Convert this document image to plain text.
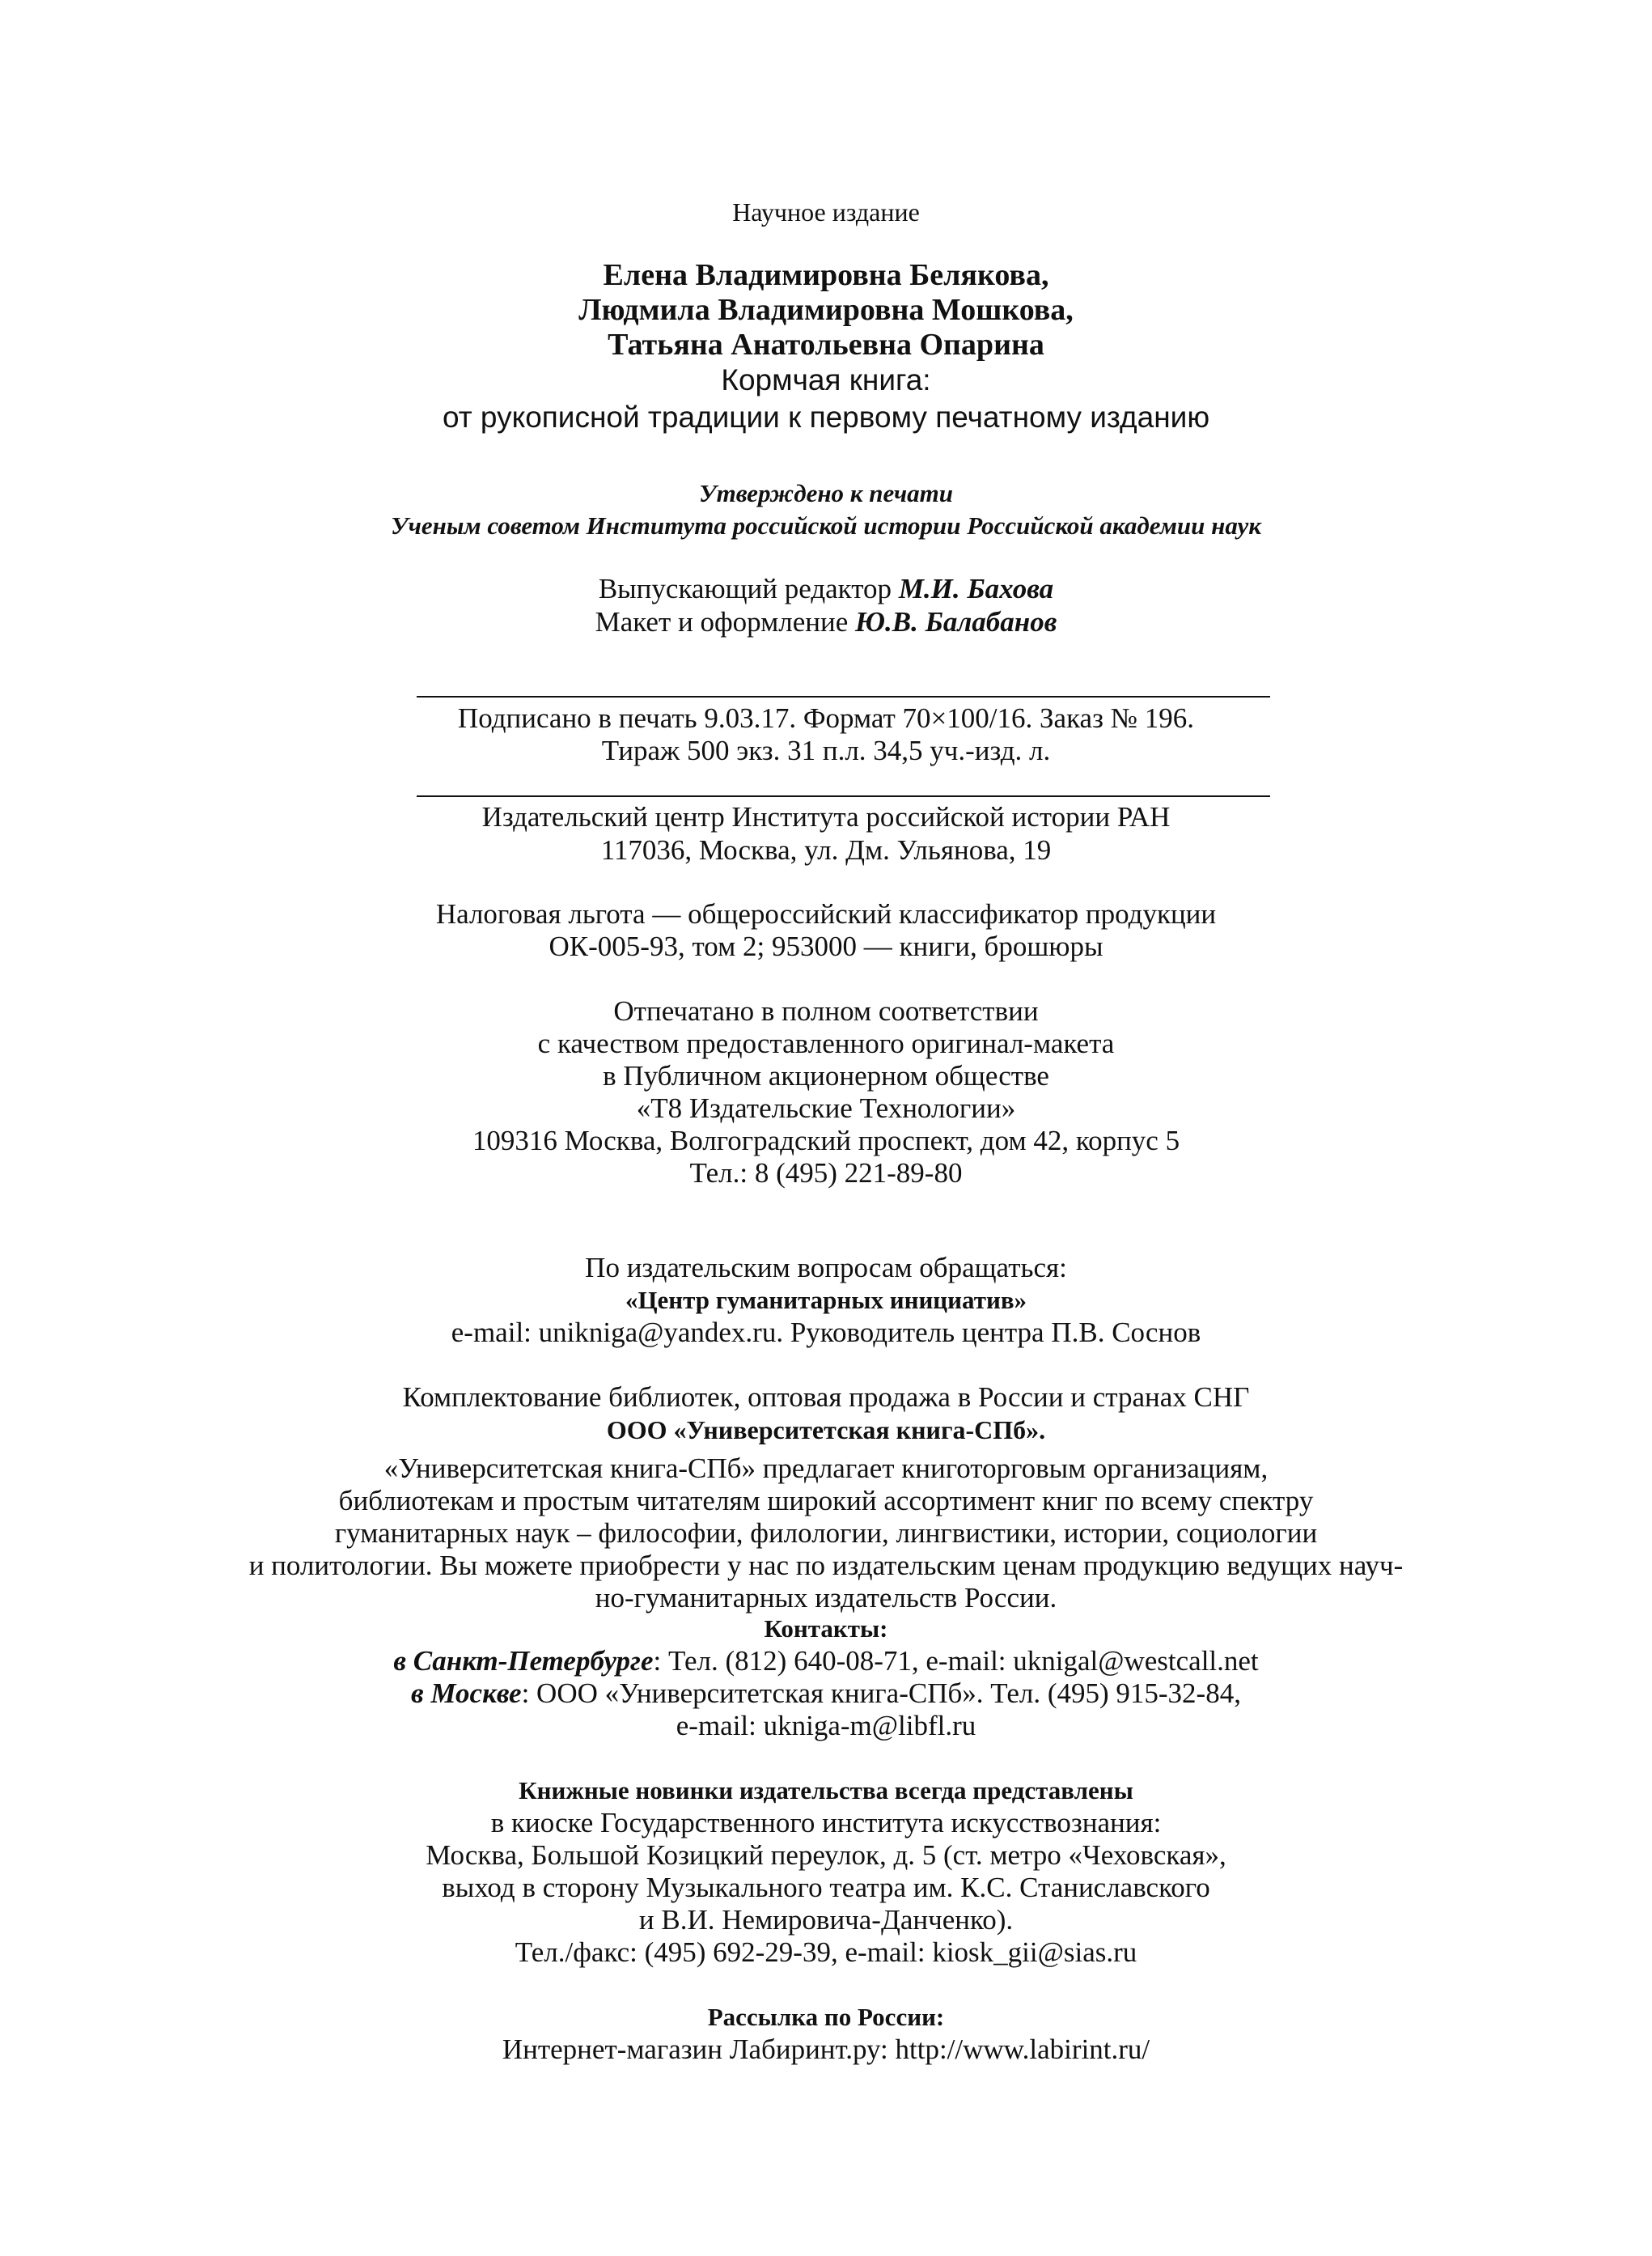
Научное издание
Елена Владимировна Белякова,
Людмила Владимировна Мошкова,
Татьяна Анатольевна Опарина
Кормчая книга:
от рукописной традиции к первому печатному изданию
Утверждено к печати
Ученым советом Института российской истории Российской академии наук
Выпускающий редактор М.И. Бахова
Макет и оформление Ю.В. Балабанов
Подписано в печать 9.03.17. Формат 70×100/16. Заказ № 196.
Тираж 500 экз. 31 п.л. 34,5 уч.-изд. л.
Издательский центр Института российской истории РАН
117036, Москва, ул. Дм. Ульянова, 19
Налоговая льгота — общероссийский классификатор продукции
ОК-005-93, том 2; 953000 — книги, брошюры
Отпечатано в полном соответствии
с качеством предоставленного оригинал-макета
в Публичном акционерном обществе
«Т8 Издательские Технологии»
109316 Москва, Волгоградский проспект, дом 42, корпус 5
Тел.: 8 (495) 221-89-80
По издательским вопросам обращаться:
«Центр гуманитарных инициатив»
e-mail: unikniga@yandex.ru. Руководитель центра П.В. Соснов
Комплектование библиотек, оптовая продажа в России и странах СНГ
ООО «Университетская книга-СПб».
«Университетская книга-СПб» предлагает книготорговым организациям,
библиотекам и простым читателям широкий ассортимент книг по всему спектру
гуманитарных наук – философии, филологии, лингвистики, истории, социологии
и политологии. Вы можете приобрести у нас по издательским ценам продукцию ведущих науч-
но-гуманитарных издательств России.
Контакты:
в Санкт-Петербурге: Тел. (812) 640-08-71, e-mail: uknigal@westcall.net
в Москве: ООО «Университетская книга-СПб». Тел. (495) 915-32-84,
e-mail: ukniga-m@libfl.ru
Книжные новинки издательства всегда представлены
в киоске Государственного института искусствознания:
Москва, Большой Козицкий переулок, д. 5 (ст. метро «Чеховская»,
выход в сторону Музыкального театра им. К.С. Станиславского
и В.И. Немировича-Данченко).
Тел./факс: (495) 692-29-39, e-mail: kiosk_gii@sias.ru
Рассылка по России:
Интернет-магазин Лабиринт.ру: http://www.labirint.ru/
